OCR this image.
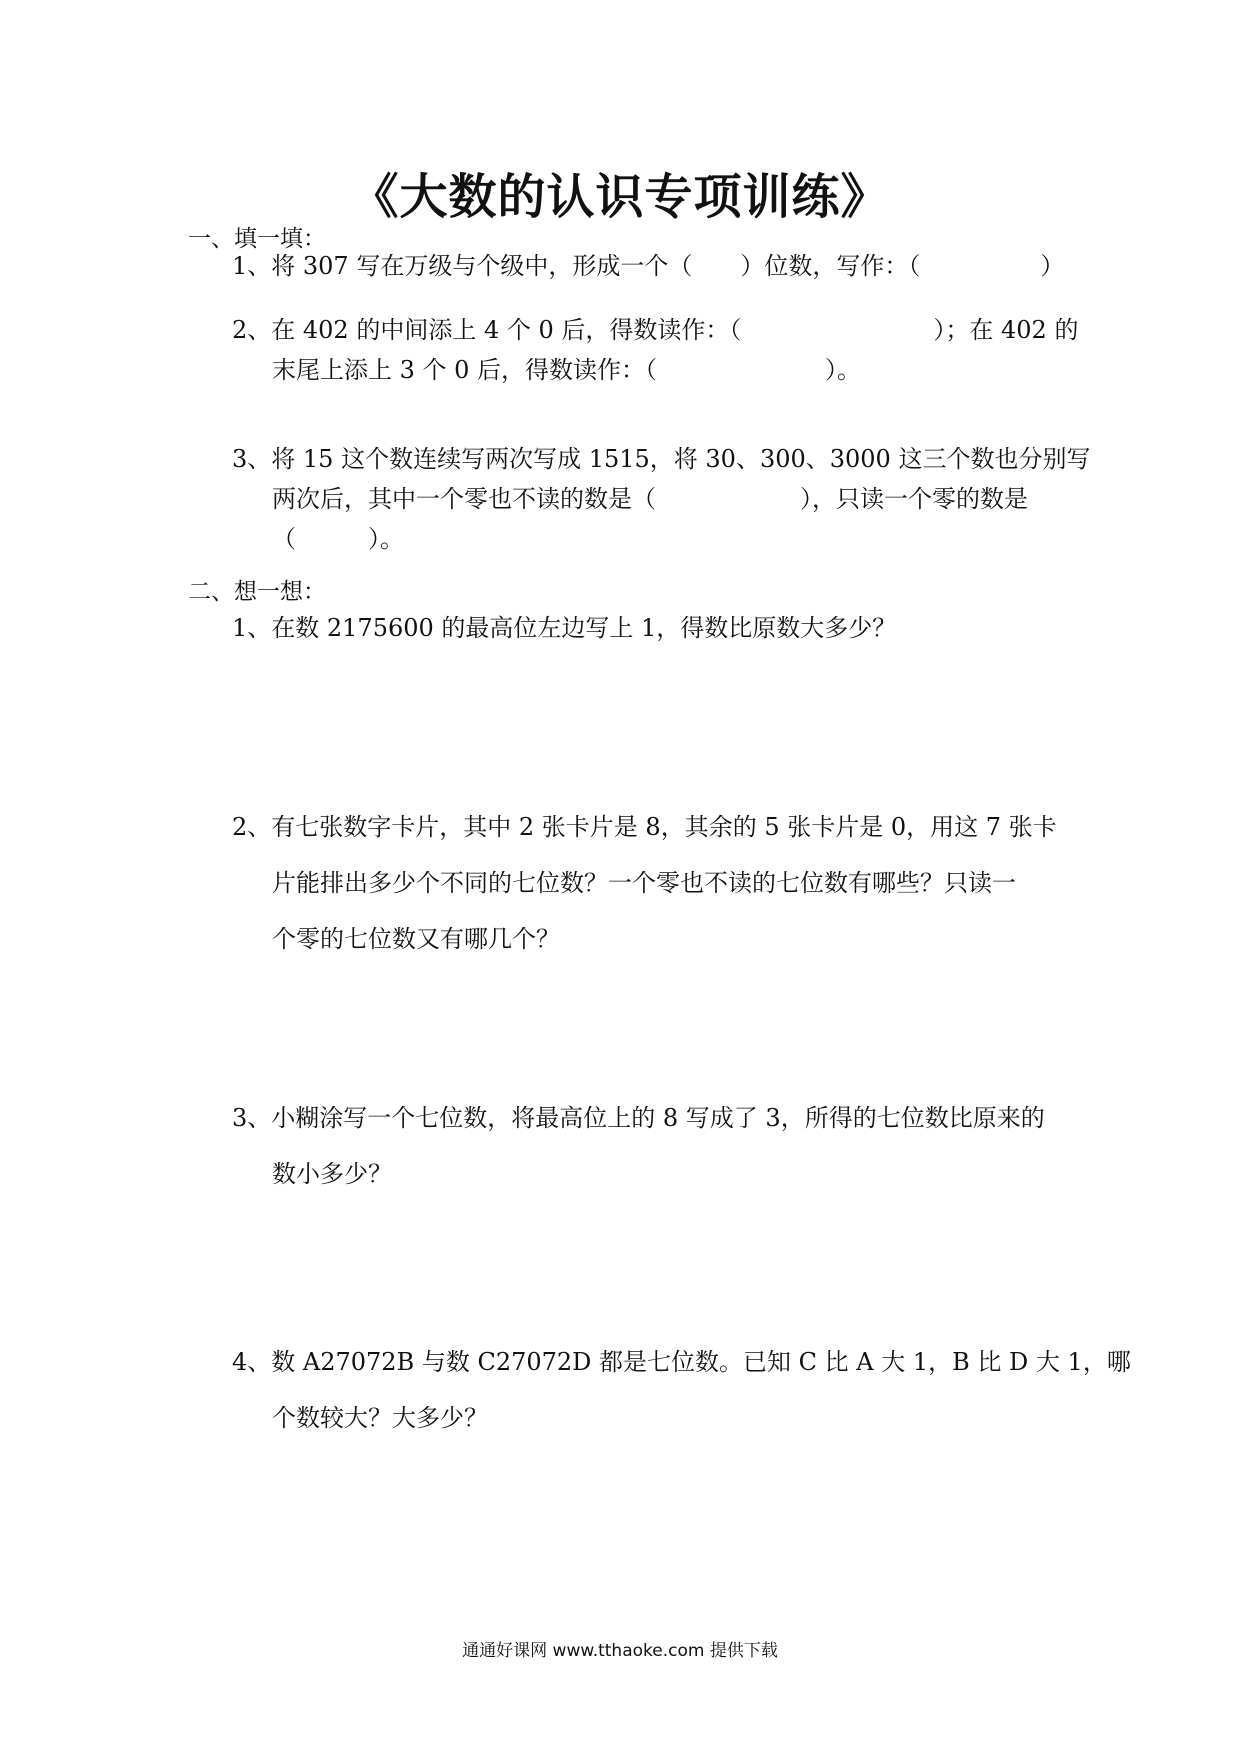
《大数的认识专项训练》
一、填一填：
1、将 307 写在万级与个级中，形成一个（　　）位数，写作：（　　　　　）
2、在 402 的中间添上 4 个 0 后，得数读作：（　　　　　　　　）；在 402 的
末尾上添上 3 个 0 后，得数读作：（　　　　　　　）。
3、将 15 这个数连续写两次写成 1515，将 30、300、3000 这三个数也分别写
两次后，其中一个零也不读的数是（　　　　　　），只读一个零的数是
（　　　）。
二、想一想：
1、在数 2175600 的最高位左边写上 1，得数比原数大多少？
2、有七张数字卡片，其中 2 张卡片是 8，其余的 5 张卡片是 0，用这 7 张卡
片能排出多少个不同的七位数？一个零也不读的七位数有哪些？只读一
个零的七位数又有哪几个？
3、小糊涂写一个七位数，将最高位上的 8 写成了 3，所得的七位数比原来的
数小多少？
4、数 A27072B 与数 C27072D 都是七位数。已知 C 比 A 大 1，B 比 D 大 1，哪
个数较大？大多少？
通通好课网 www.tthaoke.com 提供下载
